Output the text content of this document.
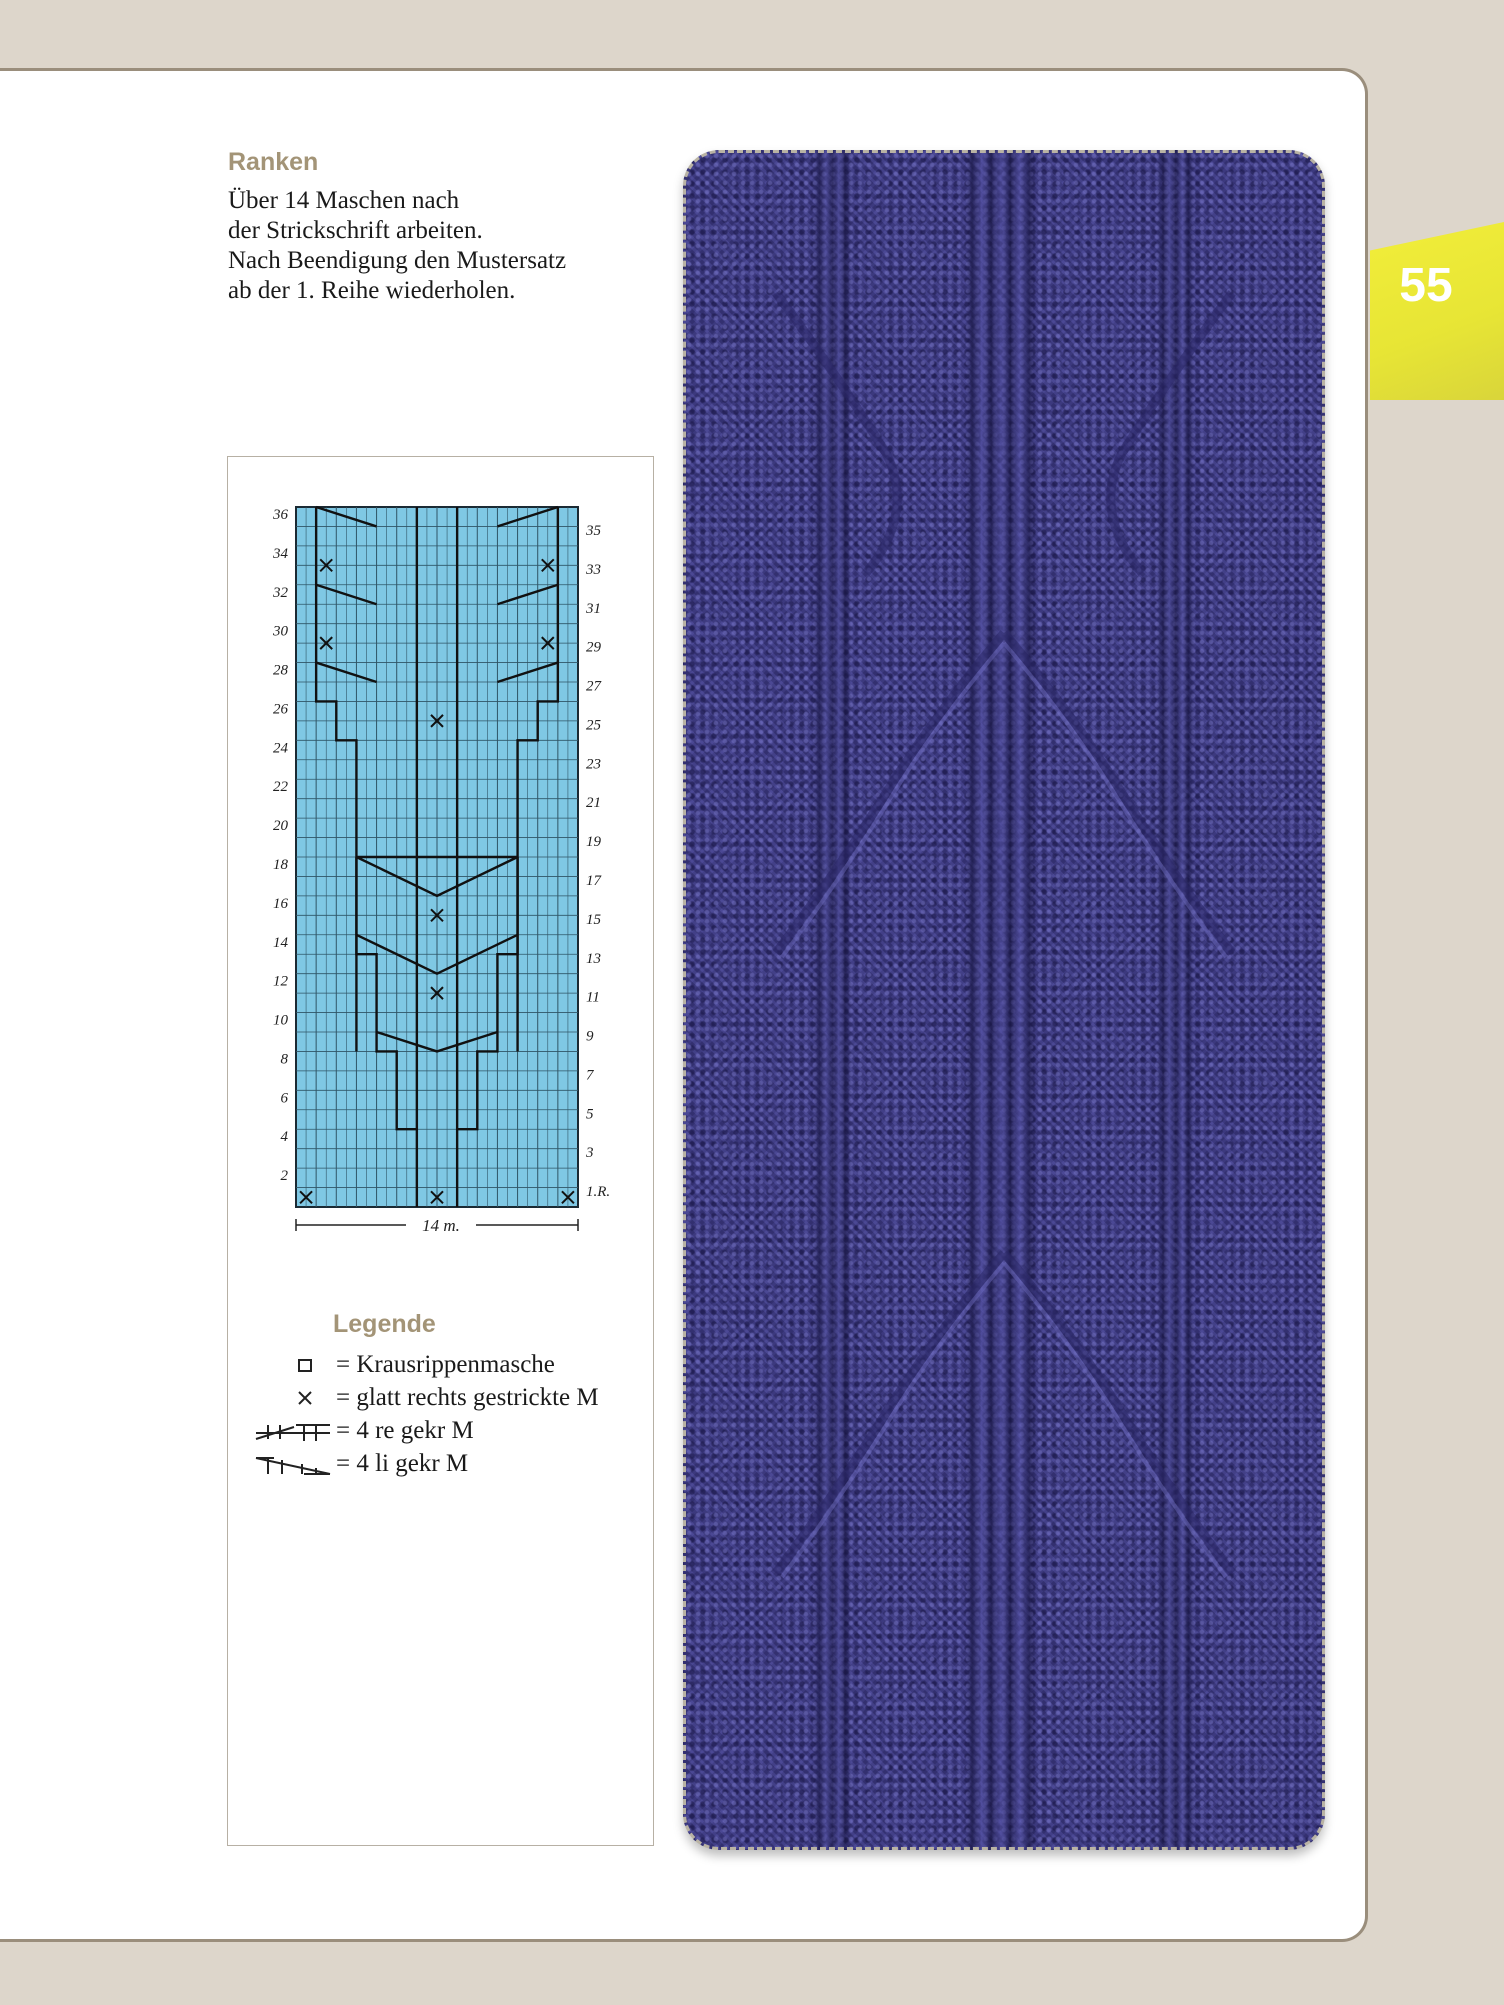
55
Ranken
Über 14 Maschen nach
der Strickschrift arbeiten.
Nach Beendigung den Mustersatz
ab der 1. Reihe wiederholen.
36
34
32
30
28
26
24
22
20
18
16
14
12
10
8
6
4
2
35
33
31
29
27
25
23
21
19
17
15
13
11
9
7
5
3
1.R.
14 m.
Legende
= Krausrippenmasche
= glatt rechts gestrickte M
= 4 re gekr M
= 4 li gekr M
